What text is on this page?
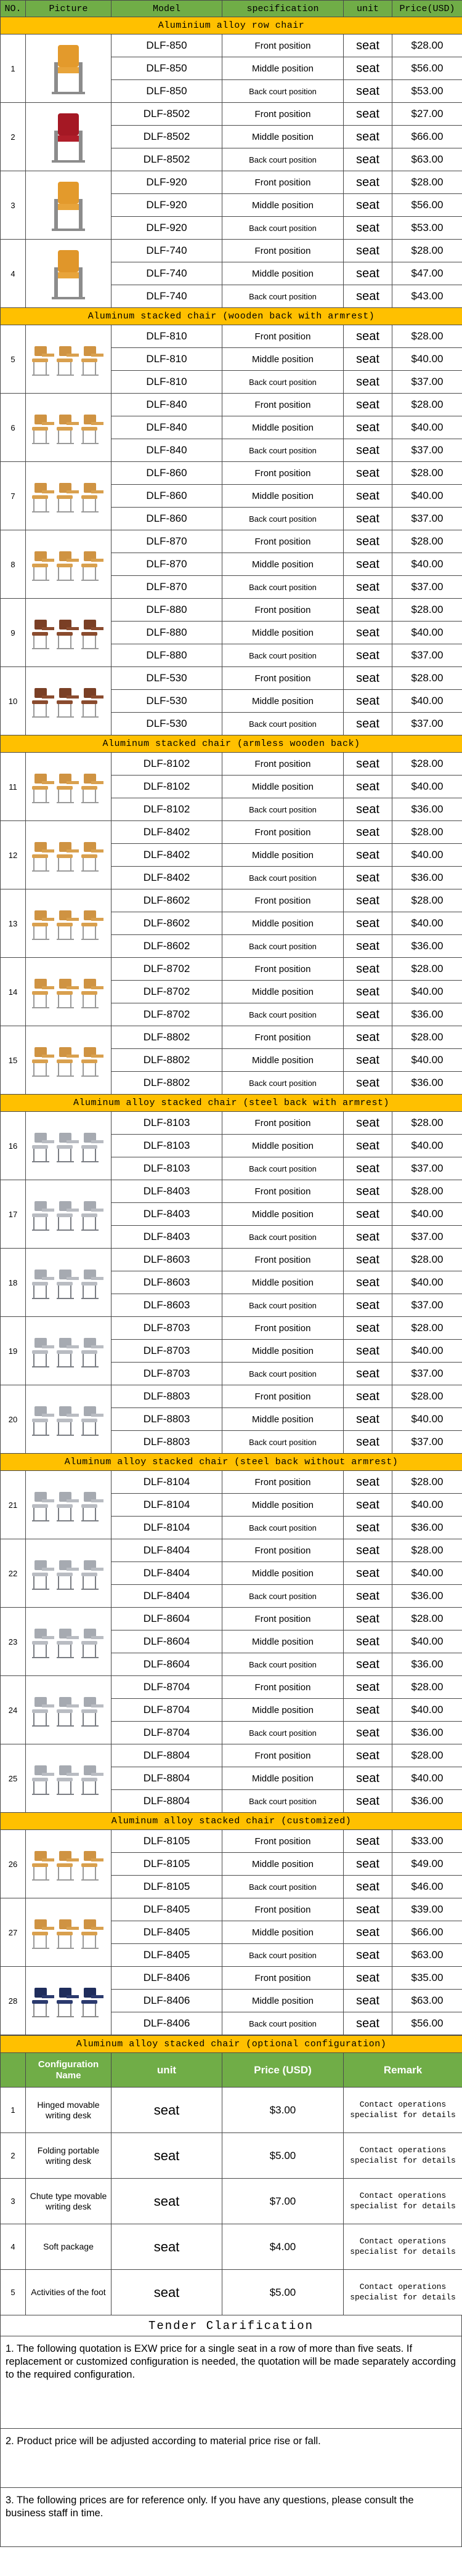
NO.	Picture	Model	specification	unit	Price(USD)
Aluminium alloy row chair					
1		DLF-850	Front position	seat	$28.00
		DLF-850	Middle position	seat	$56.00
		DLF-850	Back court position	seat	$53.00
2		DLF-8502	Front position	seat	$27.00
		DLF-8502	Middle position	seat	$66.00
		DLF-8502	Back court position	seat	$63.00
3		DLF-920	Front position	seat	$28.00
		DLF-920	Middle position	seat	$56.00
		DLF-920	Back court position	seat	$53.00
4		DLF-740	Front position	seat	$28.00
		DLF-740	Middle position	seat	$47.00
		DLF-740	Back court position	seat	$43.00
Aluminum stacked chair (wooden back with armrest)					
5		DLF-810	Front position	seat	$28.00
		DLF-810	Middle position	seat	$40.00
		DLF-810	Back court position	seat	$37.00
6		DLF-840	Front position	seat	$28.00
		DLF-840	Middle position	seat	$40.00
		DLF-840	Back court position	seat	$37.00
7		DLF-860	Front position	seat	$28.00
		DLF-860	Middle position	seat	$40.00
		DLF-860	Back court position	seat	$37.00
8		DLF-870	Front position	seat	$28.00
		DLF-870	Middle position	seat	$40.00
		DLF-870	Back court position	seat	$37.00
9		DLF-880	Front position	seat	$28.00
		DLF-880	Middle position	seat	$40.00
		DLF-880	Back court position	seat	$37.00
10		DLF-530	Front position	seat	$28.00
		DLF-530	Middle position	seat	$40.00
		DLF-530	Back court position	seat	$37.00
Aluminum stacked chair (armless wooden back)					
11		DLF-8102	Front position	seat	$28.00
		DLF-8102	Middle position	seat	$40.00
		DLF-8102	Back court position	seat	$36.00
12		DLF-8402	Front position	seat	$28.00
		DLF-8402	Middle position	seat	$40.00
		DLF-8402	Back court position	seat	$36.00
13		DLF-8602	Front position	seat	$28.00
		DLF-8602	Middle position	seat	$40.00
		DLF-8602	Back court position	seat	$36.00
14		DLF-8702	Front position	seat	$28.00
		DLF-8702	Middle position	seat	$40.00
		DLF-8702	Back court position	seat	$36.00
15		DLF-8802	Front position	seat	$28.00
		DLF-8802	Middle position	seat	$40.00
		DLF-8802	Back court position	seat	$36.00
Aluminum alloy stacked chair (steel back with armrest)					
16		DLF-8103	Front position	seat	$28.00
		DLF-8103	Middle position	seat	$40.00
		DLF-8103	Back court position	seat	$37.00
17		DLF-8403	Front position	seat	$28.00
		DLF-8403	Middle position	seat	$40.00
		DLF-8403	Back court position	seat	$37.00
18		DLF-8603	Front position	seat	$28.00
		DLF-8603	Middle position	seat	$40.00
		DLF-8603	Back court position	seat	$37.00
19		DLF-8703	Front position	seat	$28.00
		DLF-8703	Middle position	seat	$40.00
		DLF-8703	Back court position	seat	$37.00
20		DLF-8803	Front position	seat	$28.00
		DLF-8803	Middle position	seat	$40.00
		DLF-8803	Back court position	seat	$37.00
Aluminum alloy stacked chair (steel back without armrest)					
21		DLF-8104	Front position	seat	$28.00
		DLF-8104	Middle position	seat	$40.00
		DLF-8104	Back court position	seat	$36.00
22		DLF-8404	Front position	seat	$28.00
		DLF-8404	Middle position	seat	$40.00
		DLF-8404	Back court position	seat	$36.00
23		DLF-8604	Front position	seat	$28.00
		DLF-8604	Middle position	seat	$40.00
		DLF-8604	Back court position	seat	$36.00
24		DLF-8704	Front position	seat	$28.00
		DLF-8704	Middle position	seat	$40.00
		DLF-8704	Back court position	seat	$36.00
25		DLF-8804	Front position	seat	$28.00
		DLF-8804	Middle position	seat	$40.00
		DLF-8804	Back court position	seat	$36.00
Aluminum alloy stacked chair (customized)					
26		DLF-8105	Front position	seat	$33.00
		DLF-8105	Middle position	seat	$49.00
		DLF-8105	Back court position	seat	$46.00
27		DLF-8405	Front position	seat	$39.00
		DLF-8405	Middle position	seat	$66.00
		DLF-8405	Back court position	seat	$63.00
28		DLF-8406	Front position	seat	$35.00
		DLF-8406	Middle position	seat	$63.00
		DLF-8406	Back court position	seat	$56.00
Aluminum alloy stacked chair (optional configuration)				
	Configuration Name	unit	Price (USD)	Remark
1	Hinged movable writing desk	seat	$3.00	Contact operations specialist for details
2	Folding portable writing desk	seat	$5.00	Contact operations specialist for details
3	Chute type movable writing desk	seat	$7.00	Contact operations specialist for details
4	Soft package	seat	$4.00	Contact operations specialist for details
5	Activities of the foot	seat	$5.00	Contact operations specialist for details
Tender Clarification
1. The following quotation is EXW price for a single seat in a row of more than five seats. If replacement or customized configuration is needed, the quotation will be made separately according to the required configuration.
2. Product price will be adjusted according to material price rise or fall.
3. The following prices are for reference only. If you have any questions, please consult the business staff in time.
